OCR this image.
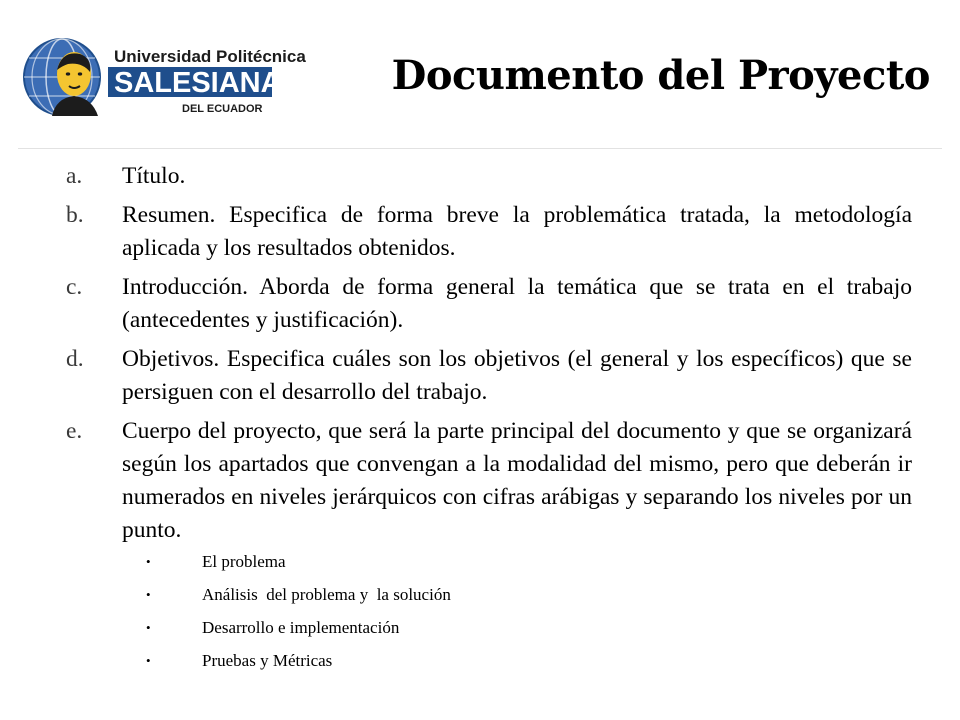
Universidad Politécnica
SALESIANA
DEL ECUADOR
Documento del Proyecto
a. Título.
b. Resumen. Especifica de forma breve la problemática tratada, la metodología aplicada y los resultados obtenidos.
c. Introducción. Aborda de forma general la temática que se trata en el trabajo (antecedentes y justificación).
d. Objetivos. Especifica cuáles son los objetivos (el general y los específicos) que se persiguen con el desarrollo del trabajo.
e. Cuerpo del proyecto, que será la parte principal del documento y que se organizará según los apartados que convengan a la modalidad del mismo, pero que deberán ir numerados en niveles jerárquicos con cifras arábigas y separando los niveles por un punto.
•	El problema
•	Análisis  del problema y  la solución
•	Desarrollo e implementación
•	Pruebas y Métricas
